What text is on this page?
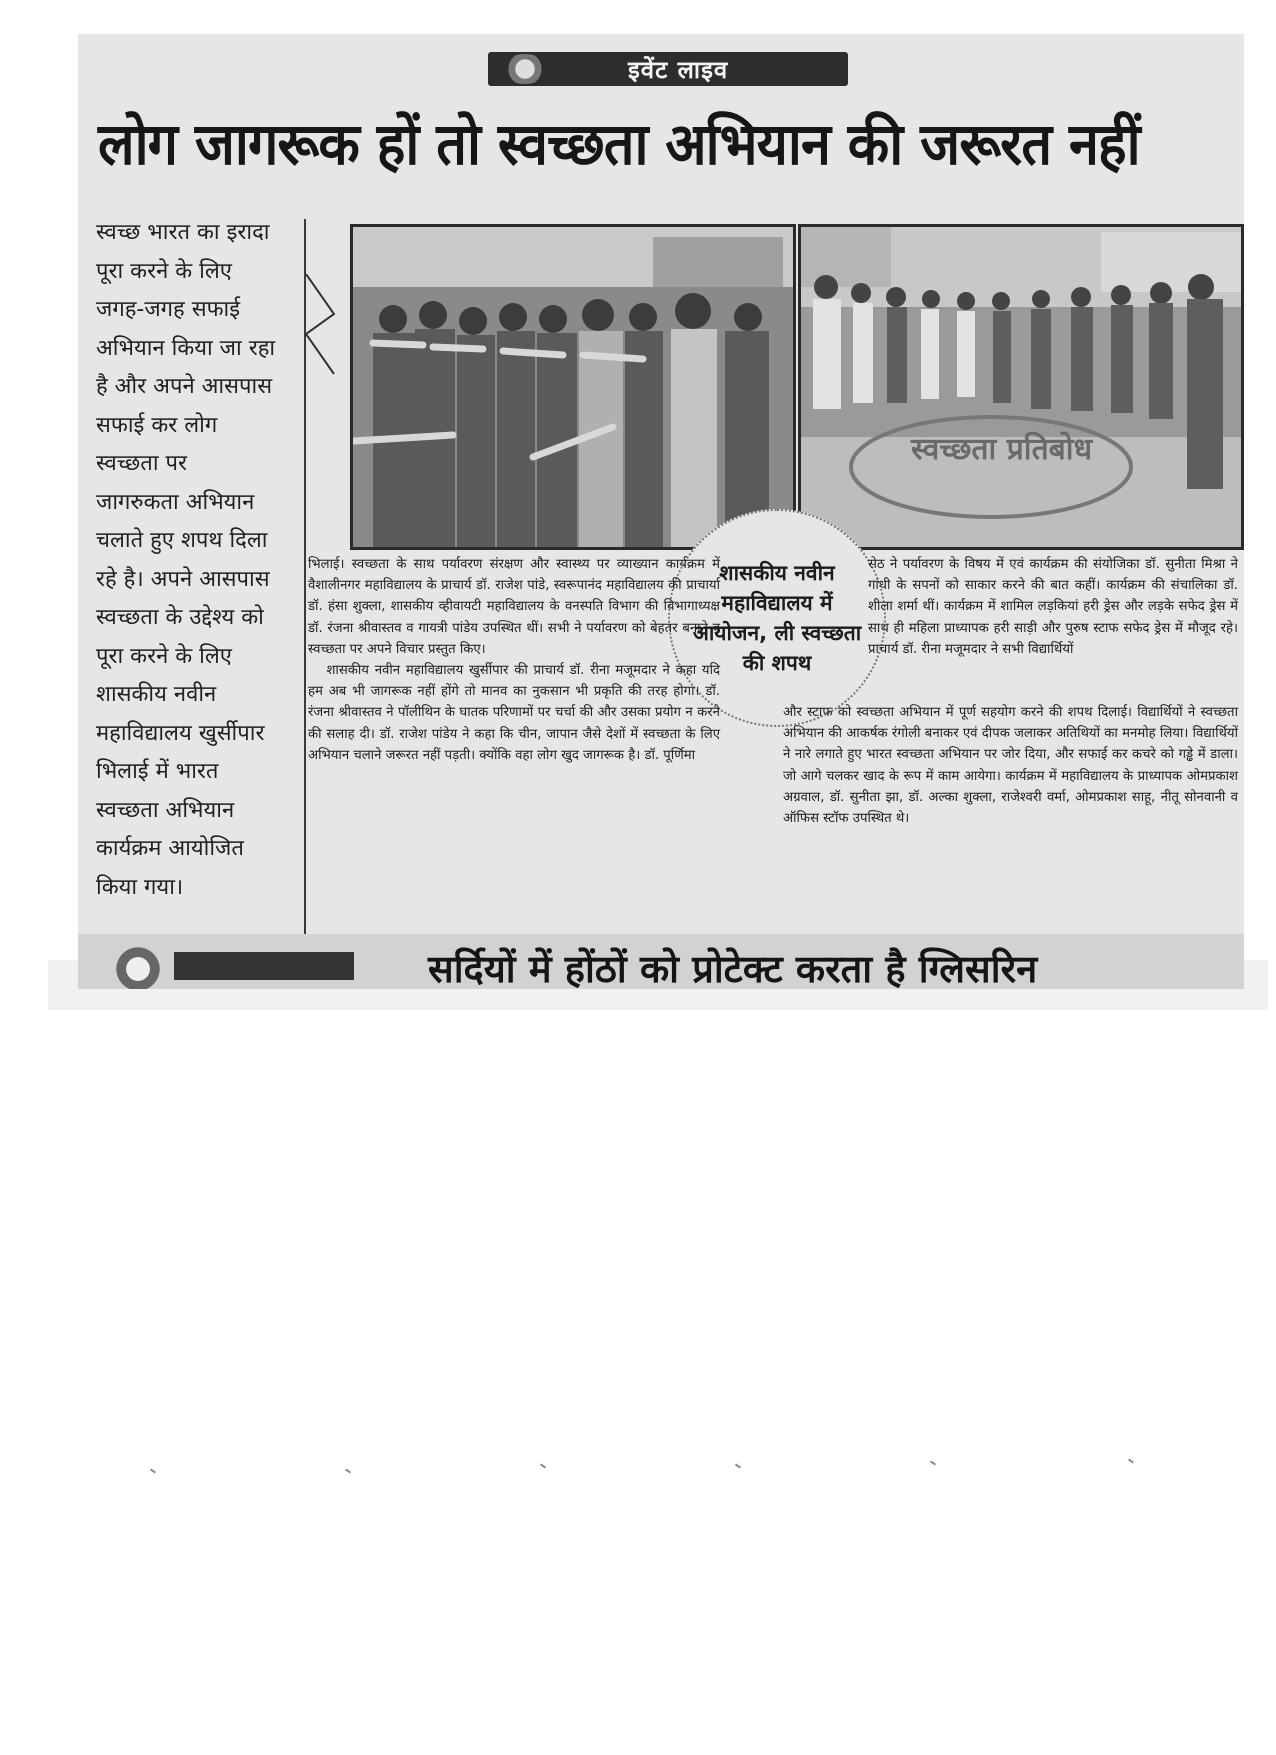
इवेंट लाइव
लोग जागरूक हों तो स्वच्छता अभियान की जरूरत नहीं
स्वच्छ भारत का इरादा
पूरा करने के लिए
जगह-जगह सफाई
अभियान किया जा रहा
है और अपने आसपास
सफाई कर लोग
स्वच्छता पर
जागरुकता अभियान
चलाते हुए शपथ दिला
रहे है। अपने आसपास
स्वच्छता के उद्देश्य को
पूरा करने के लिए
शासकीय नवीन
महाविद्यालय खुर्सीपार
भिलाई में भारत
स्वच्छता अभियान
कार्यक्रम आयोजित
किया गया।
स्वच्छता प्रतिबोध
शासकीय नवीन महाविद्यालय में आयोजन, ली स्वच्छता की शपथ

भिलाई। स्वच्छता के साथ पर्यावरण संरक्षण और स्वास्थ्य पर व्याख्यान कार्यक्रम में वैशालीनगर महाविद्यालय के प्राचार्य डॉ. राजेश पांडे, स्वरूपानंद महाविद्यालय की प्राचार्या डॉ. हंसा शुक्ला, शासकीय व्हीवायटी महाविद्यालय के वनस्पति विभाग की विभागाध्यक्ष डॉ. रंजना श्रीवास्तव व गायत्री पांडेय उपस्थित थीं। सभी ने पर्यावरण को बेहतर बनाने व स्वच्छता पर अपने विचार प्रस्तुत किए।

शासकीय नवीन महाविद्यालय खुर्सीपार की प्राचार्य डॉ. रीना मजूमदार ने कहा यदि हम अब भी जागरूक नहीं होंगे तो मानव का नुकसान भी प्रकृति की तरह होगा। डॉ. रंजना श्रीवास्तव ने पॉलीथिन के घातक परिणामों पर चर्चा की और उसका प्रयोग न करने की सलाह दी। डॉ. राजेश पांडेय ने कहा कि चीन, जापान जैसे देशों में स्वच्छता के लिए अभियान चलाने जरूरत नहीं पड़ती। क्योंकि वहा लोग खुद जागरूक है। डॉ. पूर्णिमा

सेठ ने पर्यावरण के विषय में एवं कार्यक्रम की संयोजिका डॉ. सुनीता मिश्रा ने गांधी के सपनों को साकार करने की बात कहीं। कार्यक्रम की संचालिका डॉ. शीला शर्मा थीं। कार्यक्रम में शामिल लड़कियां हरी ड्रेस और लड़के सफेद ड्रेस में साथ ही महिला प्राध्यापक हरी साड़ी और पुरुष स्टाफ सफेद ड्रेस में मौजूद रहे। प्राचार्य डॉ. रीना मजूमदार ने सभी विद्यार्थियों

और स्टाफ को स्वच्छता अभियान में पूर्ण सहयोग करने की शपथ दिलाई। विद्यार्थियों ने स्वच्छता अभियान की आकर्षक रंगोली बनाकर एवं दीपक जलाकर अतिथियों का मनमोह लिया। विद्यार्थियों ने नारे लगाते हुए भारत स्वच्छता अभियान पर जोर दिया, और सफाई कर कचरे को गड्ढे में डाला। जो आगे चलकर खाद के रूप में काम आयेगा। कार्यक्रम में महाविद्यालय के प्राध्यापक ओमप्रकाश अग्रवाल, डॉ. सुनीता झा, डॉ. अल्का शुक्ला, राजेश्वरी वर्मा, ओमप्रकाश साहू, नीतू सोनवानी व ऑफिस स्टॉफ उपस्थित थे।

सर्दियों में होंठों को प्रोटेक्ट करता है ग्लिसरिन
